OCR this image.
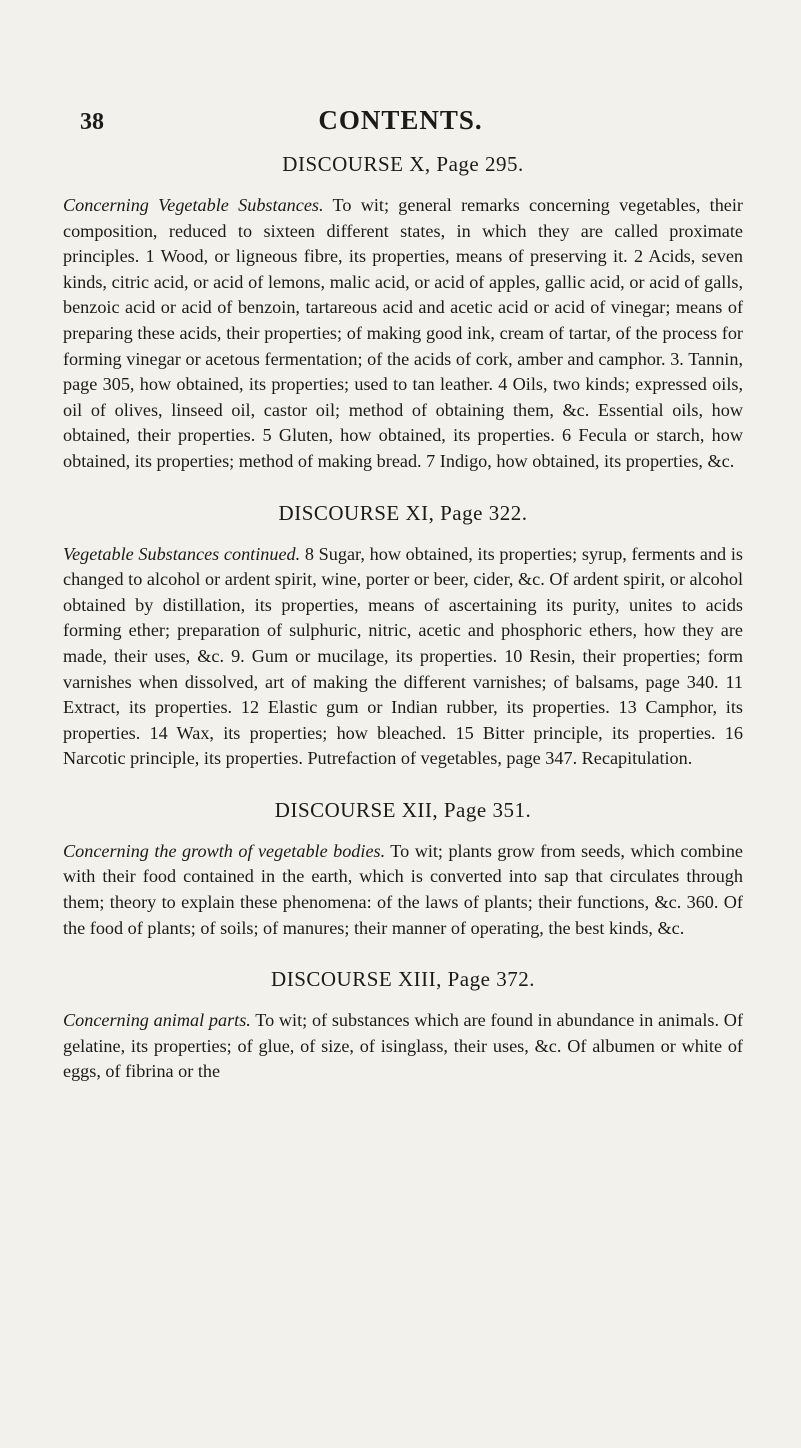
38	CONTENTS.
DISCOURSE X, Page 295.

Concerning Vegetable Substances. To wit; general remarks concerning vegetables, their composition, reduced to sixteen different states, in which they are called proximate principles. 1 Wood, or ligneous fibre, its properties, means of preserving it. 2 Acids, seven kinds, citric acid, or acid of lemons, malic acid, or acid of apples, gallic acid, or acid of galls, benzoic acid or acid of benzoin, tartareous acid and acetic acid or acid of vinegar; means of preparing these acids, their properties; of making good ink, cream of tartar, of the process for forming vinegar or acetous fermentation; of the acids of cork, amber and camphor. 3. Tannin, page 305, how obtained, its properties; used to tan leather. 4 Oils, two kinds; expressed oils, oil of olives, linseed oil, castor oil; method of obtaining them, &c. Essential oils, how obtained, their properties. 5 Gluten, how obtained, its properties. 6 Fecula or starch, how obtained, its properties; method of making bread. 7 Indigo, how obtained, its properties, &c.

DISCOURSE XI, Page 322.

Vegetable Substances continued. 8 Sugar, how obtained, its properties; syrup, ferments and is changed to alcohol or ardent spirit, wine, porter or beer, cider, &c. Of ardent spirit, or alcohol obtained by distillation, its properties, means of ascertaining its purity, unites to acids forming ether; preparation of sulphuric, nitric, acetic and phosphoric ethers, how they are made, their uses, &c. 9. Gum or mucilage, its properties. 10 Resin, their properties; form varnishes when dissolved, art of making the different varnishes; of balsams, page 340. 11 Extract, its properties. 12 Elastic gum or Indian rubber, its properties. 13 Camphor, its properties. 14 Wax, its properties; how bleached. 15 Bitter principle, its properties. 16 Narcotic principle, its properties. Putrefaction of vegetables, page 347. Recapitulation.

DISCOURSE XII, Page 351.

Concerning the growth of vegetable bodies. To wit; plants grow from seeds, which combine with their food contained in the earth, which is converted into sap that circulates through them; theory to explain these phenomena: of the laws of plants; their functions, &c. 360. Of the food of plants; of soils; of manures; their manner of operating, the best kinds, &c.

DISCOURSE XIII, Page 372.

Concerning animal parts. To wit; of substances which are found in abundance in animals. Of gelatine, its properties; of glue, of size, of isinglass, their uses, &c. Of albumen or white of eggs, of fibrina or the
